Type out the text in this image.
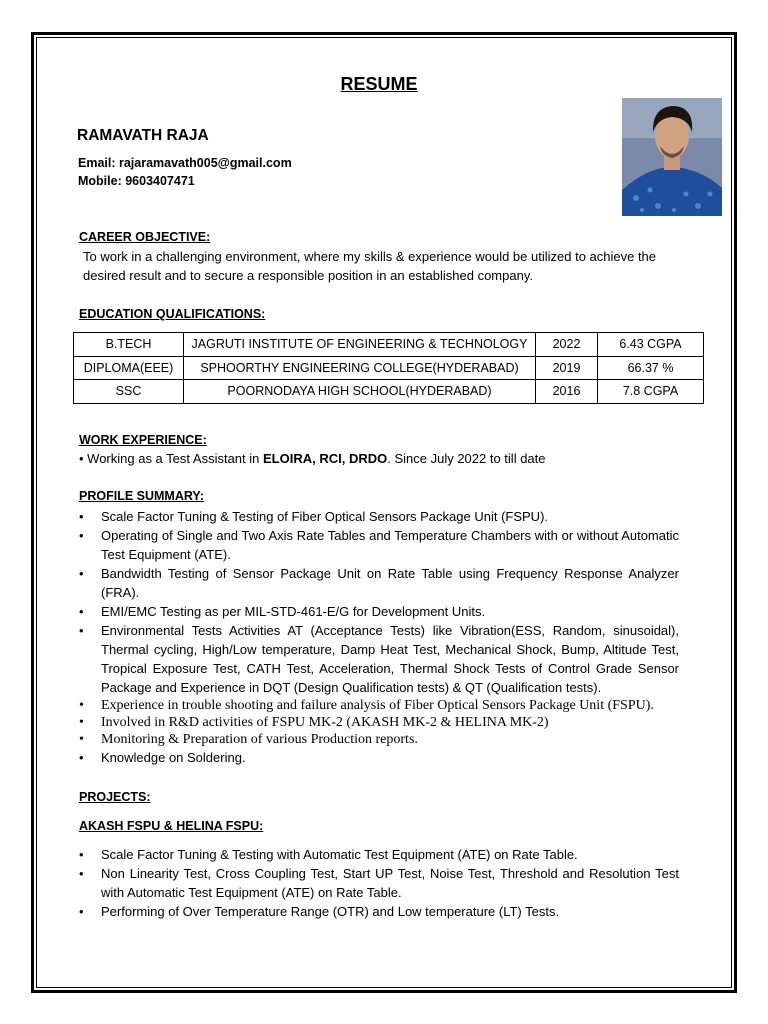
RESUME
RAMAVATH RAJA
Email: rajaramavath005@gmail.com
Mobile: 9603407471
CAREER OBJECTIVE:
To work in a challenging environment, where my skills & experience would be utilized to achieve the desired result and to secure a responsible position in an established company.
EDUCATION QUALIFICATIONS:
B.TECH	JAGRUTI INSTITUTE OF ENGINEERING & TECHNOLOGY	2022	6.43 CGPA
DIPLOMA(EEE)	SPHOORTHY ENGINEERING COLLEGE(HYDERABAD)	2019	66.37 %
SSC	POORNODAYA HIGH SCHOOL(HYDERABAD)	2016	7.8 CGPA
WORK EXPERIENCE:
• Working as a Test Assistant in ELOIRA, RCI, DRDO. Since July 2022 to till date
PROFILE SUMMARY:
• Scale Factor Tuning & Testing of Fiber Optical Sensors Package Unit (FSPU).
• Operating of Single and Two Axis Rate Tables and Temperature Chambers with or without Automatic Test Equipment (ATE).
• Bandwidth Testing of Sensor Package Unit on Rate Table using Frequency Response Analyzer (FRA).
• EMI/EMC Testing as per MIL-STD-461-E/G for Development Units.
• Environmental Tests Activities AT (Acceptance Tests) like Vibration(ESS, Random, sinusoidal), Thermal cycling, High/Low temperature, Damp Heat Test, Mechanical Shock, Bump, Altitude Test, Tropical Exposure Test, CATH Test, Acceleration, Thermal Shock Tests of Control Grade Sensor Package and Experience in DQT (Design Qualification tests) & QT (Qualification tests).
• Experience in trouble shooting and failure analysis of Fiber Optical Sensors Package Unit (FSPU).
• Involved in R&D activities of FSPU MK-2 (AKASH MK-2 & HELINA MK-2)
• Monitoring & Preparation of various Production reports.
• Knowledge on Soldering.
PROJECTS:
AKASH FSPU & HELINA FSPU:
• Scale Factor Tuning & Testing with Automatic Test Equipment (ATE) on Rate Table.
• Non Linearity Test, Cross Coupling Test, Start UP Test, Noise Test, Threshold and Resolution Test with Automatic Test Equipment (ATE) on Rate Table.
• Performing of Over Temperature Range (OTR) and Low temperature (LT) Tests.
